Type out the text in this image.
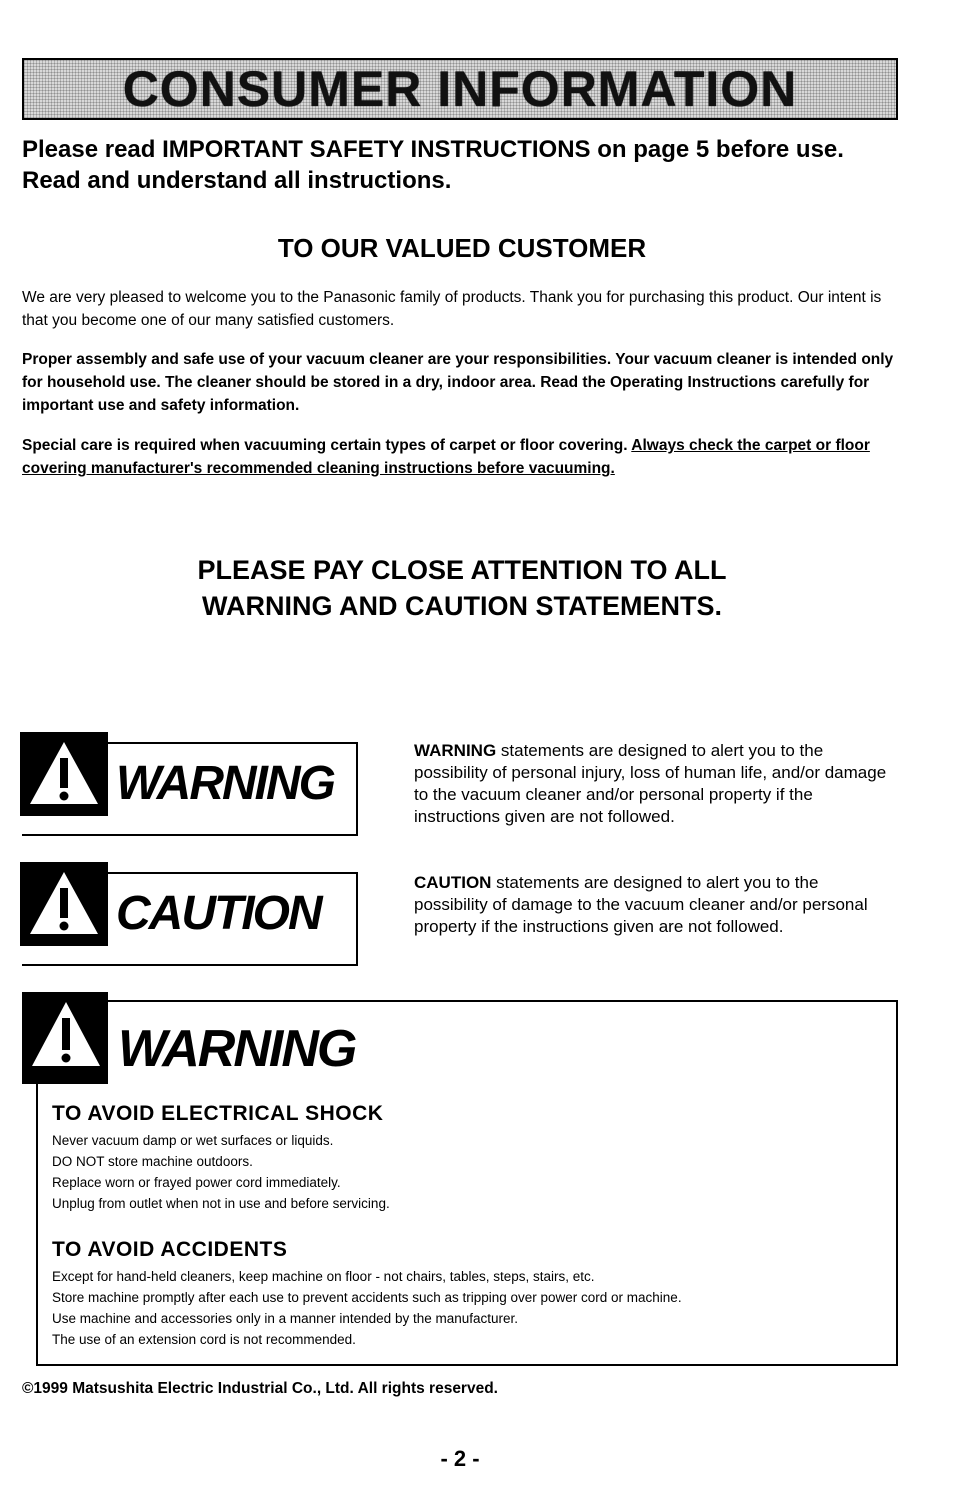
CONSUMER INFORMATION
Please read IMPORTANT SAFETY INSTRUCTIONS on page 5 before use. Read and understand all instructions.
TO OUR VALUED CUSTOMER
We are very pleased to welcome you to the Panasonic family of products. Thank you for purchasing this product. Our intent is that you become one of our many satisfied customers.
Proper assembly and safe use of your vacuum cleaner are your responsibilities. Your vacuum cleaner is intended only for household use. The cleaner should be stored in a dry, indoor area. Read the Operating Instructions carefully for important use and safety information.
Special care is required when vacuuming certain types of carpet or floor covering. Always check the carpet or floor covering manufacturer's recommended cleaning instructions before vacuuming.
PLEASE PAY CLOSE ATTENTION TO ALL
WARNING AND CAUTION STATEMENTS.
WARNING
WARNING statements are designed to alert you to the possibility of personal injury, loss of human life, and/or damage to the vacuum cleaner and/or personal property if the instructions given are not followed.
CAUTION
CAUTION statements are designed to alert you to the possibility of damage to the vacuum cleaner and/or personal property if the instructions given are not followed.
WARNING
TO AVOID ELECTRICAL SHOCK
Never vacuum damp or wet surfaces or liquids.
DO NOT store machine outdoors.
Replace worn or frayed power cord immediately.
Unplug from outlet when not in use and before servicing.
TO AVOID ACCIDENTS
Except for hand-held cleaners, keep machine on floor - not chairs, tables, steps, stairs, etc.
Store machine promptly after each use to prevent accidents such as tripping over power cord or machine.
Use machine and accessories only in a manner intended by the manufacturer.
The use of an extension cord is not recommended.
©1999 Matsushita Electric Industrial Co., Ltd. All rights reserved.
- 2 -
